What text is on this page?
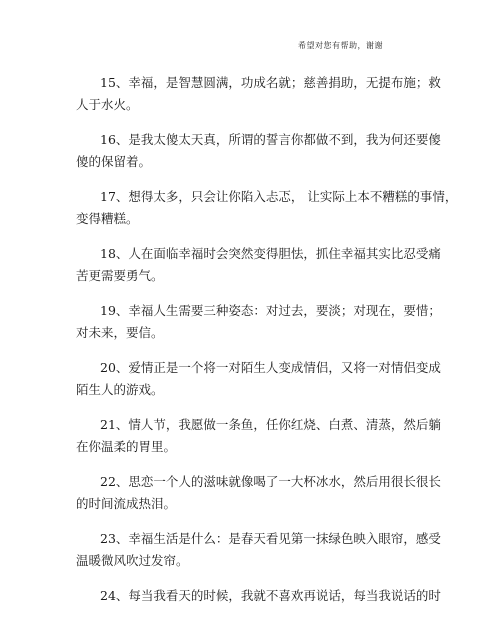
希望对您有帮助，谢谢
15、幸福，是智慧圆满，功成名就；慈善捐助，无提布施；救
人于水火。
16、是我太傻太天真，所谓的誓言你都做不到，我为何还要傻
傻的保留着。
17、想得太多，只会让你陷入忐忑， 让实际上本不糟糕的事情，
变得糟糕。
18、人在面临幸福时会突然变得胆怯，抓住幸福其实比忍受痛
苦更需要勇气。
19、幸福人生需要三种姿态：对过去，要淡；对现在，要惜；
对未来，要信。
20、爱情正是一个将一对陌生人变成情侣，又将一对情侣变成
陌生人的游戏。
21、情人节，我愿做一条鱼，任你红烧、白煮、清蒸，然后躺
在你温柔的胃里。
22、思恋一个人的滋味就像喝了一大杯冰水，然后用很长很长
的时间流成热泪。
23、幸福生活是什么：是春天看见第一抹绿色映入眼帘，感受
温暖微风吹过发帘。
24、每当我看天的时候，我就不喜欢再说话，每当我说话的时
